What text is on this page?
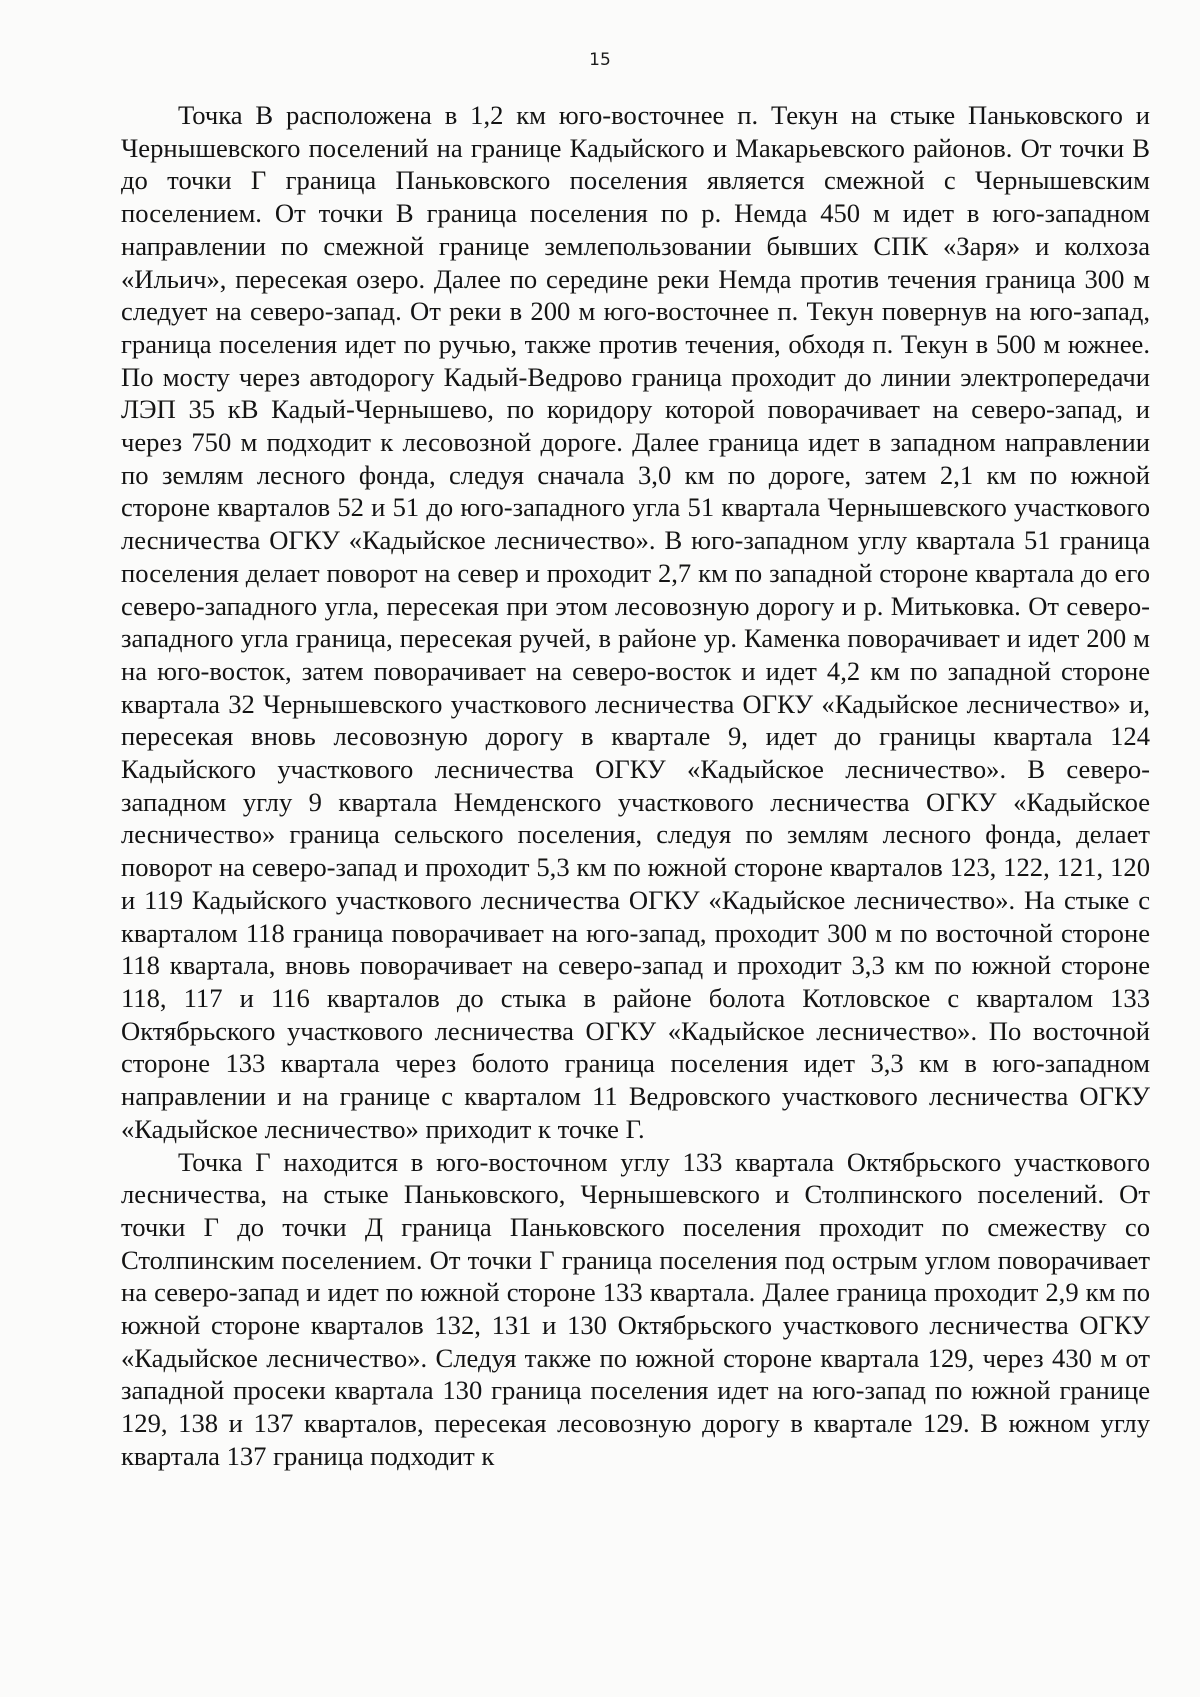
15

Точка В расположена в 1,2 км юго-восточнее п. Текун на стыке Паньковского и Чернышевского поселений на границе Кадыйского и Макарьевского районов. От точки В до точки Г граница Паньковского поселения является смежной с Чернышевским поселением. От точки В граница поселения по р. Немда 450 м идет в юго-западном направлении по смежной границе землепользовании бывших СПК «Заря» и колхоза «Ильич», пересекая озеро. Далее по середине реки Немда против течения граница 300 м следует на северо-запад. От реки в 200 м юго-восточнее п. Текун повернув на юго-запад, граница поселения идет по ручью, также против течения, обходя п. Текун в 500 м южнее. По мосту через автодорогу Кадый-Ведрово граница проходит до линии электропередачи ЛЭП 35 кВ Кадый-Чернышево, по коридору которой поворачивает на северо-запад, и через 750 м подходит к лесовозной дороге. Далее граница идет в западном направлении по землям лесного фонда, следуя сначала 3,0 км по дороге, затем 2,1 км по южной стороне кварталов 52 и 51 до юго-западного угла 51 квартала Чернышевского участкового лесничества ОГКУ «Кадыйское лесничество». В юго-западном углу квартала 51 граница поселения делает поворот на север и проходит 2,7 км по западной стороне квартала до его северо-западного угла, пересекая при этом лесовозную дорогу и р. Митьковка. От северо-западного угла граница, пересекая ручей, в районе ур. Каменка поворачивает и идет 200 м на юго-восток, затем поворачивает на северо-восток и идет 4,2 км по западной стороне квартала 32 Чернышевского участкового лесничества ОГКУ «Кадыйское лесничество» и, пересекая вновь лесовозную дорогу в квартале 9, идет до границы квартала 124 Кадыйского участкового лесничества ОГКУ «Кадыйское лесничество». В северо-западном углу 9 квартала Немденского участкового лесничества ОГКУ «Кадыйское лесничество» граница сельского поселения, следуя по землям лесного фонда, делает поворот на северо-запад и проходит 5,3 км по южной стороне кварталов 123, 122, 121, 120 и 119 Кадыйского участкового лесничества ОГКУ «Кадыйское лесничество». На стыке с кварталом 118 граница поворачивает на юго-запад, проходит 300 м по восточной стороне 118 квартала, вновь поворачивает на северо-запад и проходит 3,3 км по южной стороне 118, 117 и 116 кварталов до стыка в районе болота Котловское с кварталом 133 Октябрьского участкового лесничества ОГКУ «Кадыйское лесничество». По восточной стороне 133 квартала через болото граница поселения идет 3,3 км в юго-западном направлении и на границе с кварталом 11 Ведровского участкового лесничества ОГКУ «Кадыйское лесничество» приходит к точке Г.

Точка Г находится в юго-восточном углу 133 квартала Октябрьского участкового лесничества, на стыке Паньковского, Чернышевского и Столпинского поселений. От точки Г до точки Д граница Паньковского поселения проходит по смежеству со Столпинским поселением. От точки Г граница поселения под острым углом поворачивает на северо-запад и идет по южной стороне 133 квартала. Далее граница проходит 2,9 км по южной стороне кварталов 132, 131 и 130 Октябрьского участкового лесничества ОГКУ «Кадыйское лесничество». Следуя также по южной стороне квартала 129, через 430 м от западной просеки квартала 130 граница поселения идет на юго-запад по южной границе 129, 138 и 137 кварталов, пересекая лесовозную дорогу в квартале 129. В южном углу квартала 137 граница подходит к
